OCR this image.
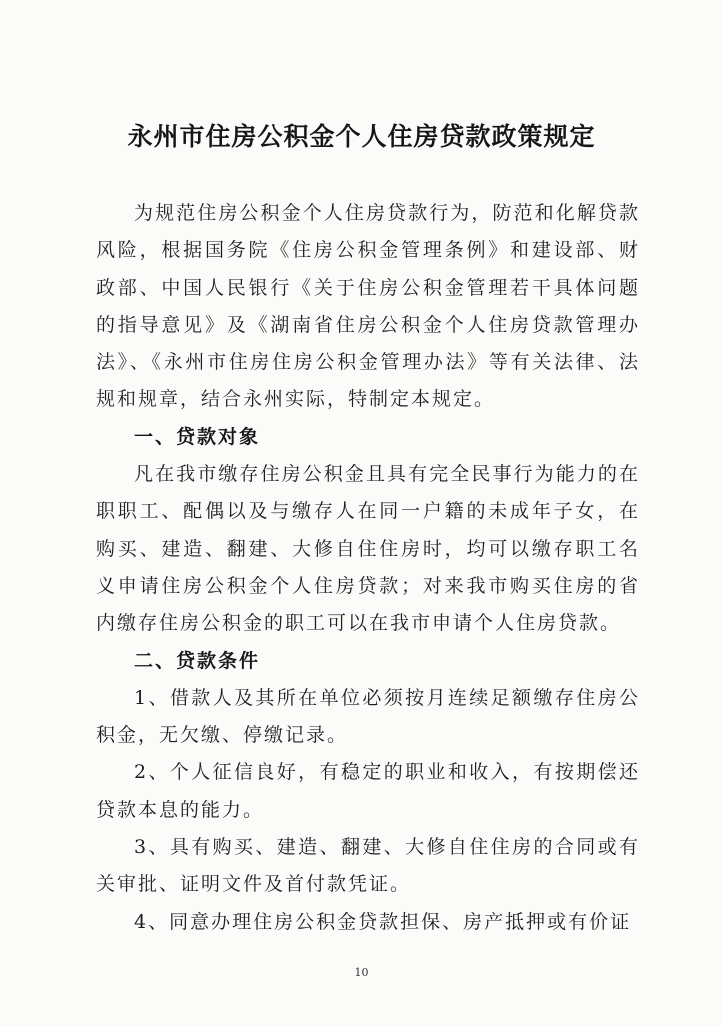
永州市住房公积金个人住房贷款政策规定

为规范住房公积金个人住房贷款行为，防范和化解贷款风险，根据国务院《住房公积金管理条例》和建设部、财政部、中国人民银行《关于住房公积金管理若干具体问题的指导意见》及《湖南省住房公积金个人住房贷款管理办法》、《永州市住房住房公积金管理办法》等有关法律、法规和规章，结合永州实际，特制定本规定。

一、贷款对象

凡在我市缴存住房公积金且具有完全民事行为能力的在职职工、配偶以及与缴存人在同一户籍的未成年子女，在购买、建造、翻建、大修自住住房时，均可以缴存职工名义申请住房公积金个人住房贷款；对来我市购买住房的省内缴存住房公积金的职工可以在我市申请个人住房贷款。

二、贷款条件

1、借款人及其所在单位必须按月连续足额缴存住房公积金，无欠缴、停缴记录。

2、个人征信良好，有稳定的职业和收入，有按期偿还贷款本息的能力。

3、具有购买、建造、翻建、大修自住住房的合同或有关审批、证明文件及首付款凭证。

4、同意办理住房公积金贷款担保、房产抵押或有价证

10
